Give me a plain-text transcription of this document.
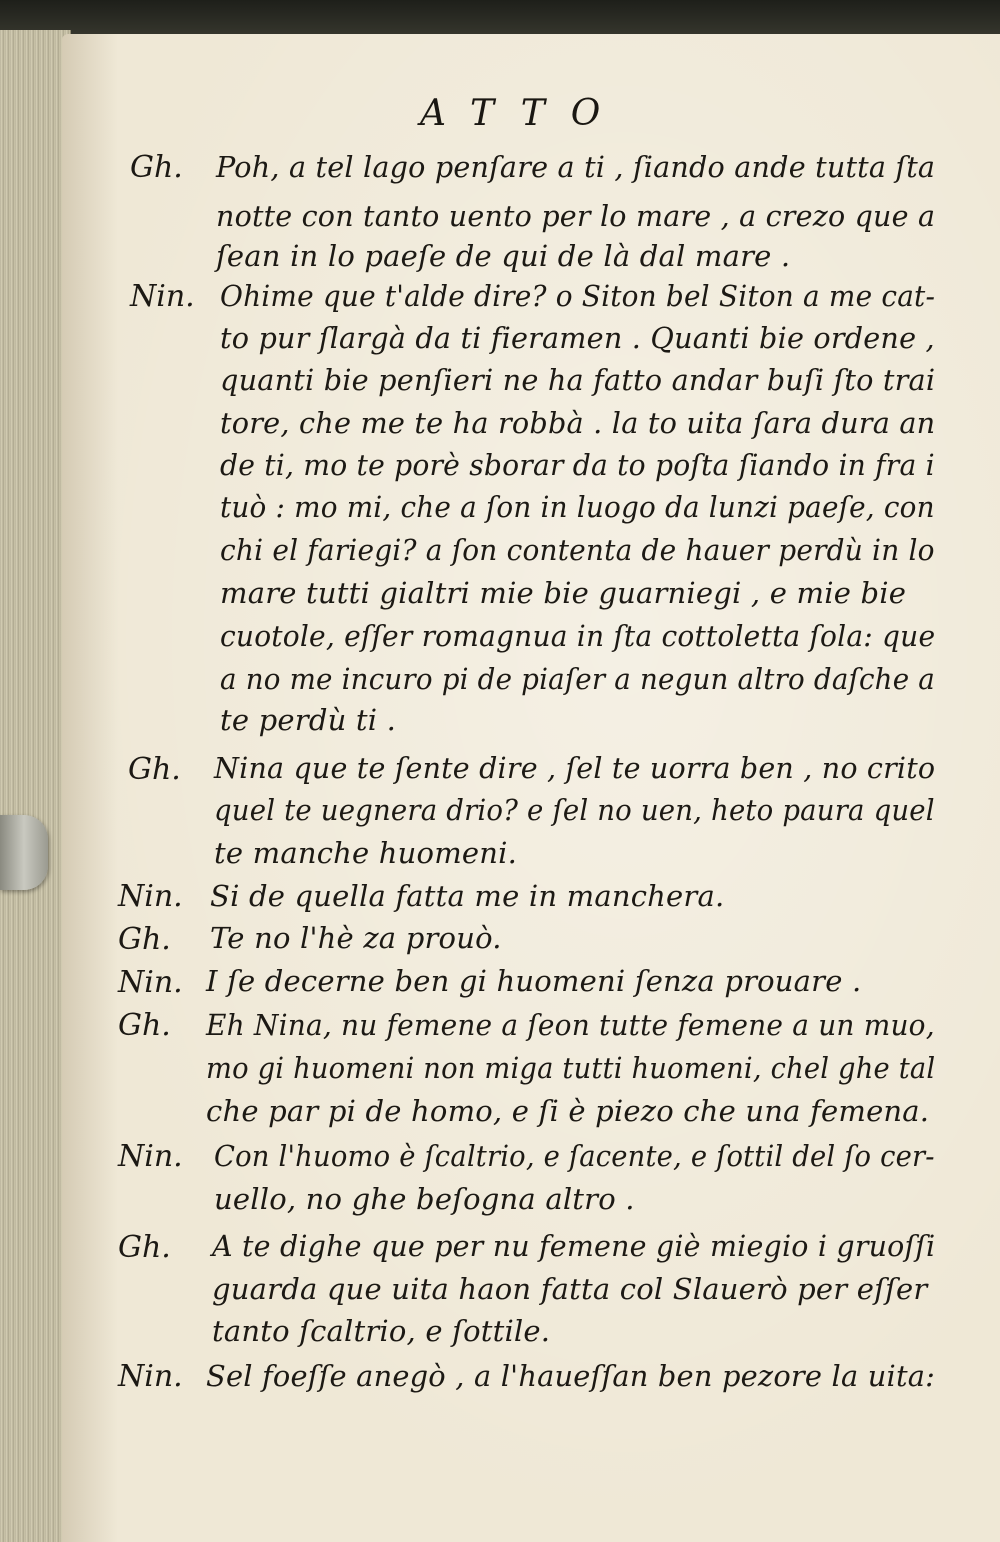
ATTO
Gh. Poh, a tel lago penſare a ti , ſiando ande tutta ſta
notte con tanto uento per lo mare , a crezo que a
ſean in lo paeſe de qui de là dal mare .
Nin. Ohime que t'alde dire? o Siton bel Siton a me cat-
to pur ſlargà da ti fieramen . Quanti bie ordene ,
quanti bie penſieri ne ha fatto andar buſi ſto trai
tore, che me te ha robbà . la to uita ſara dura an
de ti, mo te porè sborar da to poſta ſiando in fra i
tuò : mo mi, che a ſon in luogo da lunzi paeſe, con
chi el fariegi? a ſon contenta de hauer perdù in lo
mare tutti gialtri mie bie guarniegi , e mie bie
cuotole, eſſer romagnua in ſta cottoletta ſola: que
a no me incuro pi de piaſer a negun altro daſche a
te perdù ti .
Gh. Nina que te ſente dire , ſel te uorra ben , no crito
quel te uegnera drio? e ſel no uen, heto paura quel
te manche huomeni.
Nin. Si de quella fatta me in manchera.
Gh. Te no l'hè za prouò.
Nin. I ſe decerne ben gi huomeni ſenza prouare .
Gh. Eh Nina, nu femene a ſeon tutte femene a un muo,
mo gi huomeni non miga tutti huomeni, chel ghe tal
che par pi de homo, e ſi è piezo che una femena.
Nin. Con l'huomo è ſcaltrio, e ſacente, e ſottil del ſo cer-
uello, no ghe beſogna altro .
Gh. A te dighe que per nu femene giè miegio i gruoſſi
guarda que uita haon fatta col Slauerò per eſſer
tanto ſcaltrio, e ſottile.
Nin. Sel foeſſe anegò , a l'haueſſan ben pezore la uita:
